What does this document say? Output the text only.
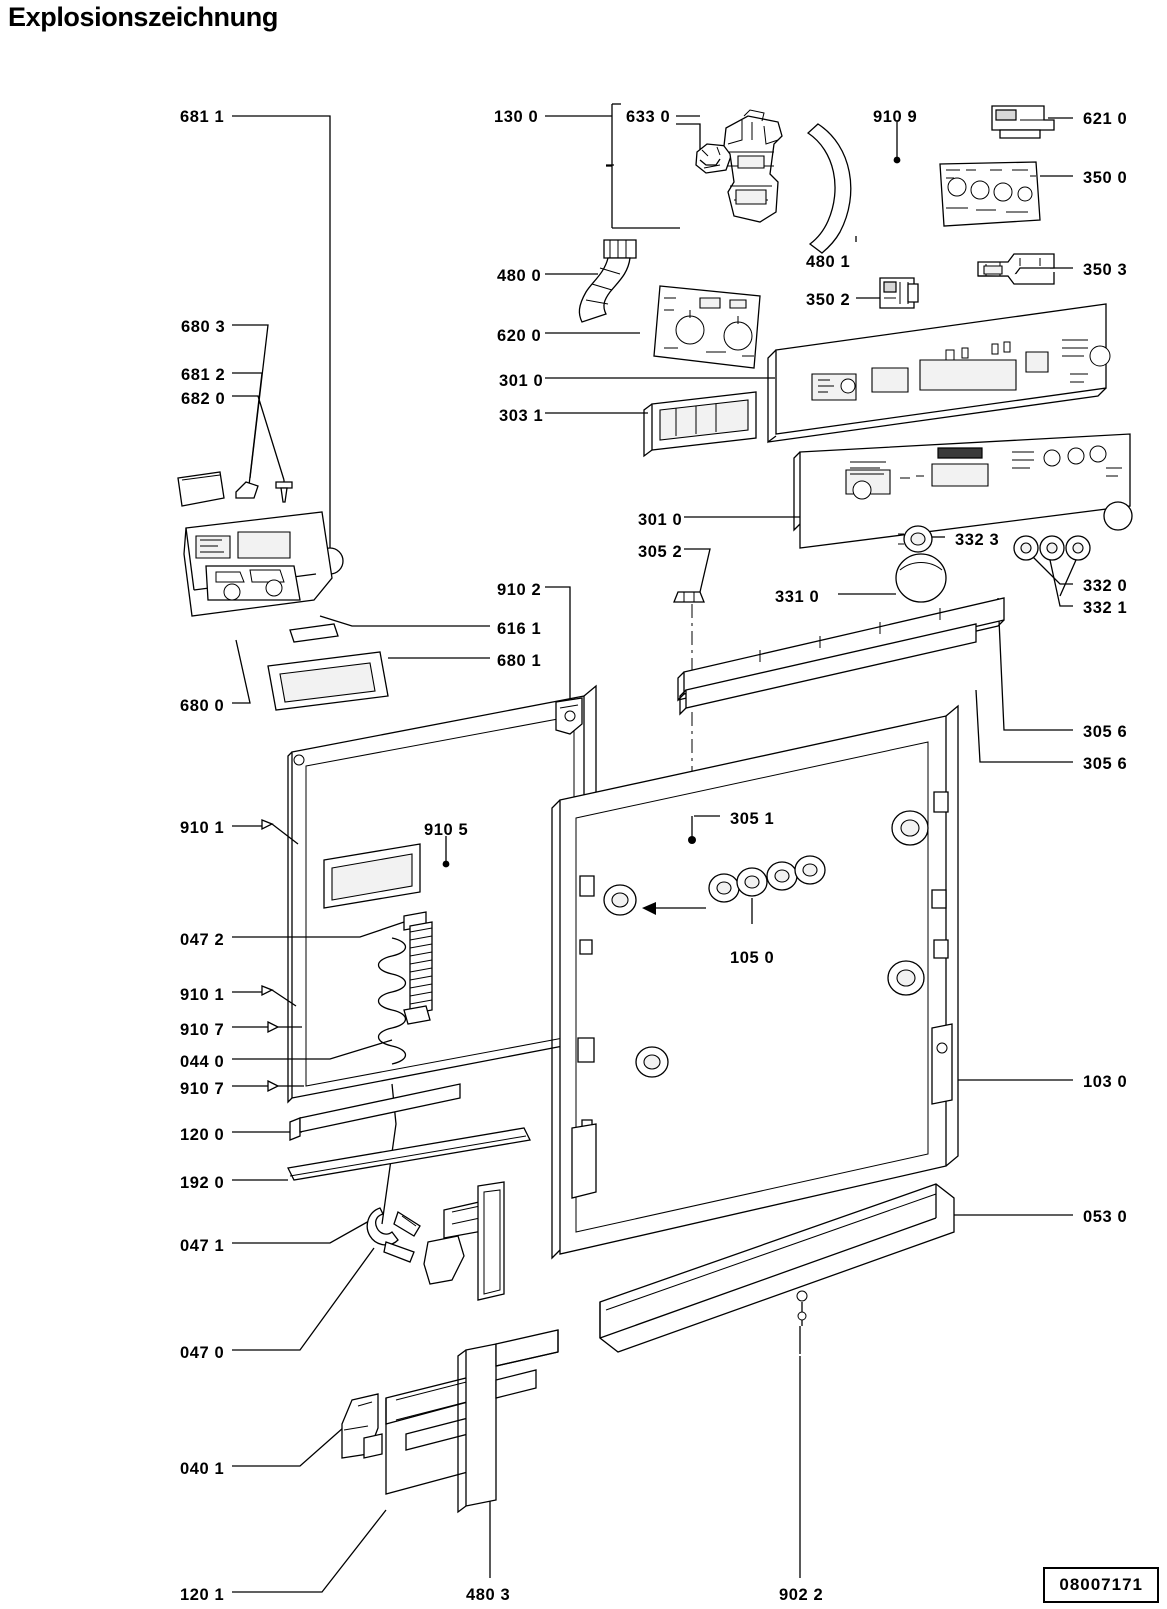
Explosionszeichnung
681 1	130 0	633 0	910 9	621 0
350 0
480 1
480 0	350 3
350 2
680 3	620 0
681 2	301 0
682 0
303 1
301 0
332 3
305 2
910 2	331 0
332 0
616 1
332 1
680 1
680 0
305 6
305 6
305 1
910 1	910 5
105 0
047 2
910 1
910 7
044 0
910 7	103 0
120 0
192 0
053 0
047 1
047 0
040 1
120 1	480 3	902 2
08007171
